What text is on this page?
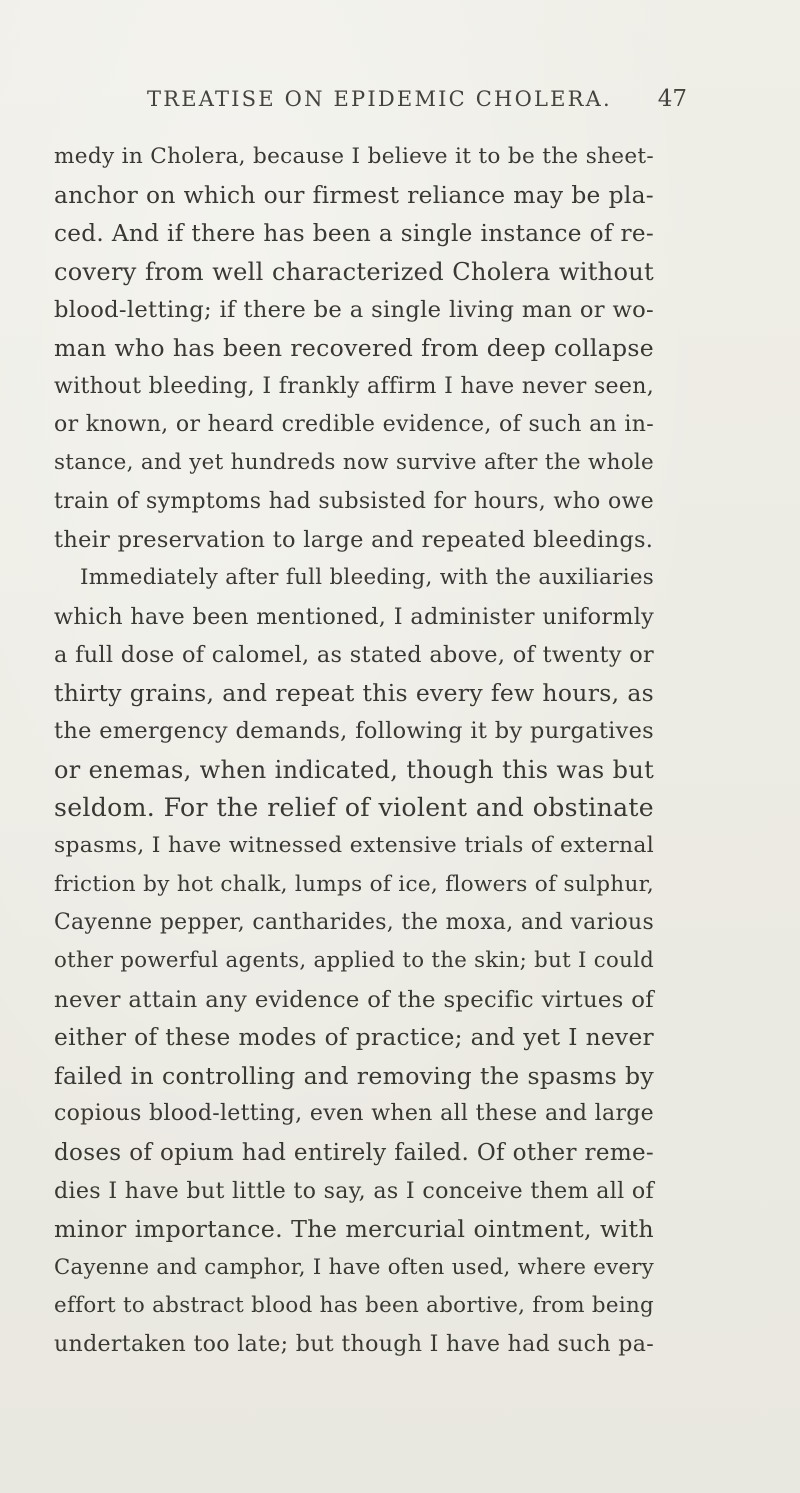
TREATISE ON EPIDEMIC CHOLERA. 47
medy in Cholera, because I believe it to be the sheet-
anchor on which our firmest reliance may be pla-
ced. And if there has been a single instance of re-
covery from well characterized Cholera without
blood-letting; if there be a single living man or wo-
man who has been recovered from deep collapse
without bleeding, I frankly affirm I have never seen,
or known, or heard credible evidence, of such an in-
stance, and yet hundreds now survive after the whole
train of symptoms had subsisted for hours, who owe
their preservation to large and repeated bleedings.
Immediately after full bleeding, with the auxiliaries
which have been mentioned, I administer uniformly
a full dose of calomel, as stated above, of twenty or
thirty grains, and repeat this every few hours, as
the emergency demands, following it by purgatives
or enemas, when indicated, though this was but
seldom. For the relief of violent and obstinate
spasms, I have witnessed extensive trials of external
friction by hot chalk, lumps of ice, flowers of sulphur,
Cayenne pepper, cantharides, the moxa, and various
other powerful agents, applied to the skin; but I could
never attain any evidence of the specific virtues of
either of these modes of practice; and yet I never
failed in controlling and removing the spasms by
copious blood-letting, even when all these and large
doses of opium had entirely failed. Of other reme-
dies I have but little to say, as I conceive them all of
minor importance. The mercurial ointment, with
Cayenne and camphor, I have often used, where every
effort to abstract blood has been abortive, from being
undertaken too late; but though I have had such pa-
